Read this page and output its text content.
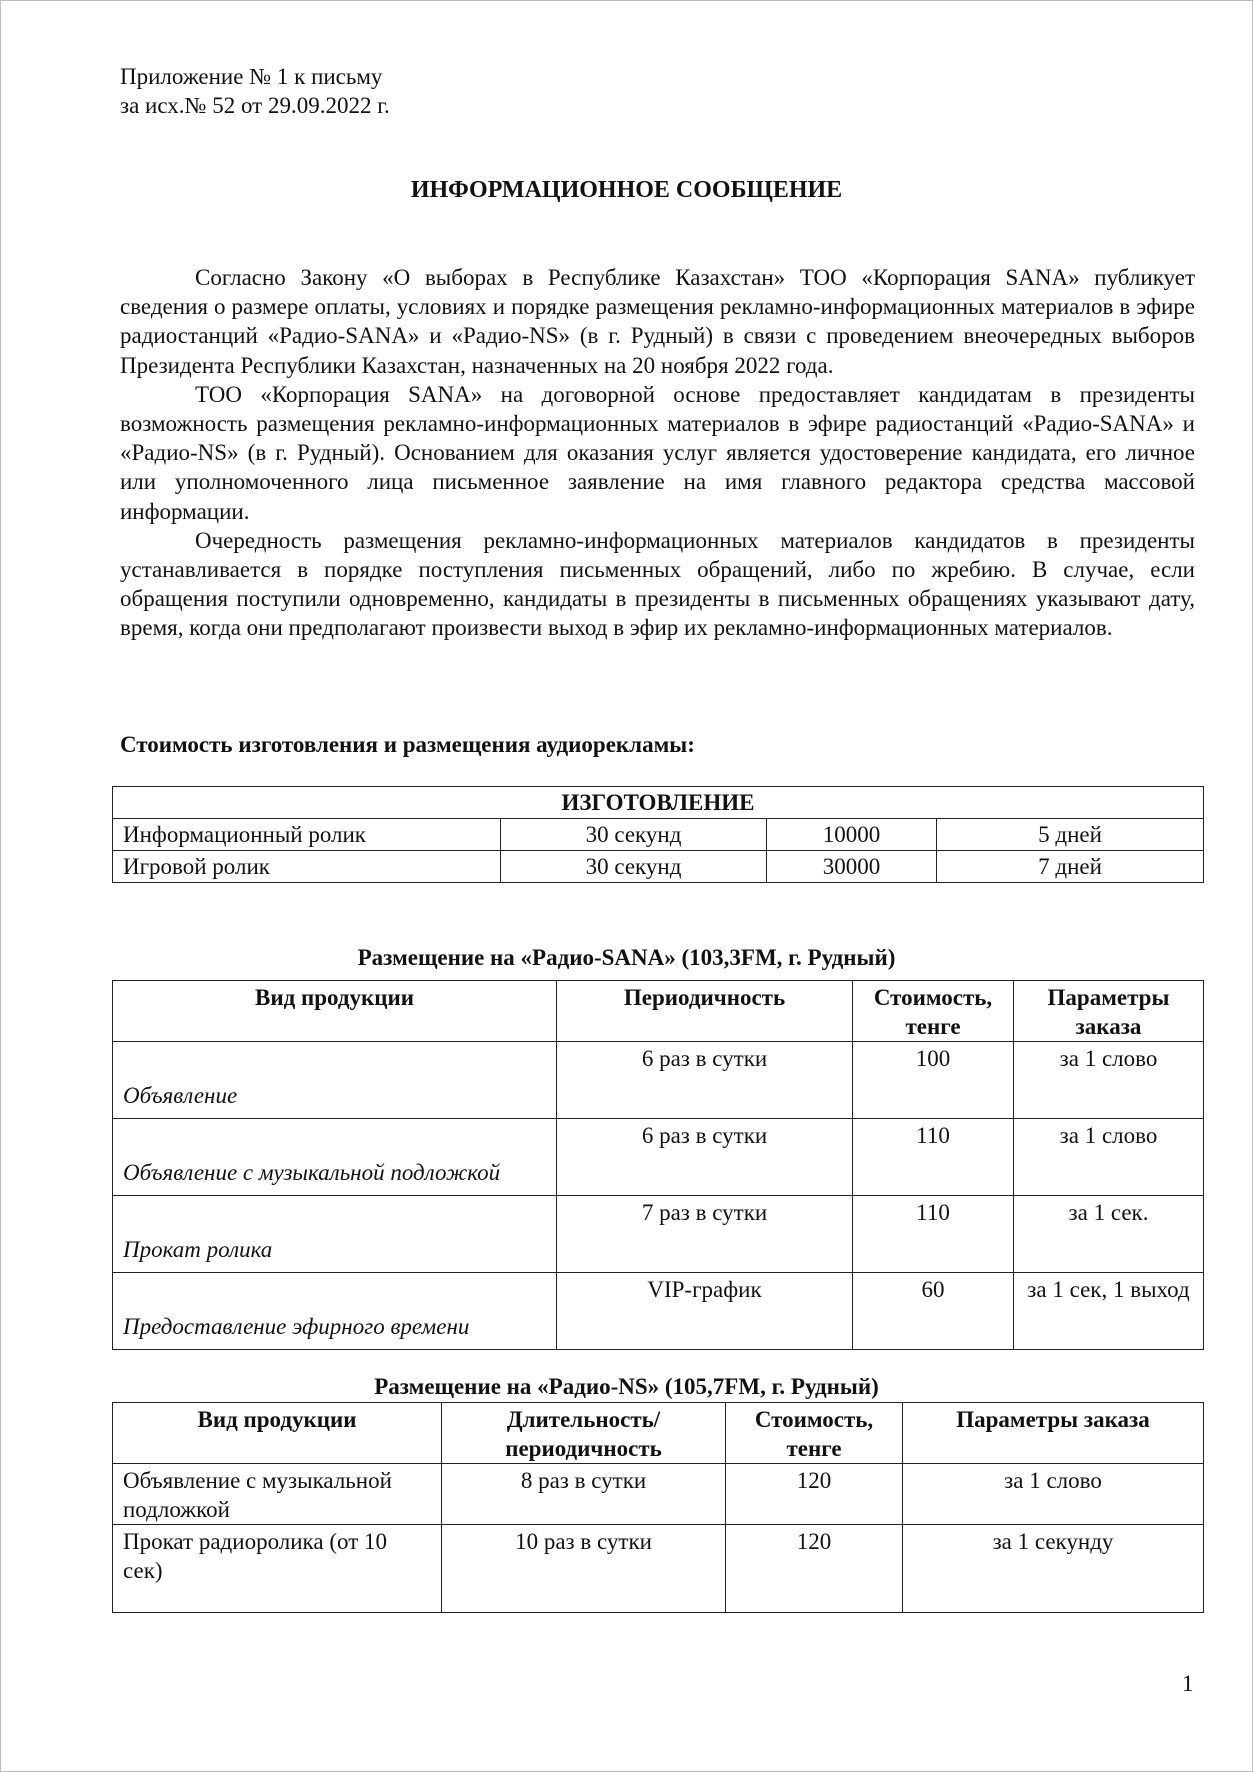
Приложение № 1 к письму
за исх.№ 52 от 29.09.2022 г.
ИНФОРМАЦИОННОЕ СООБЩЕНИЕ

Согласно Закону «О выборах в Республике Казахстан» ТОО «Корпорация SANA» публикует сведения о размере оплаты, условиях и порядке размещения рекламно-информационных материалов в эфире радиостанций «Радио-SANA» и «Радио-NS» (в г. Рудный) в связи с проведением внеочередных выборов Президента Республики Казахстан, назначенных на 20 ноября 2022 года.

ТОО «Корпорация SANA» на договорной основе предоставляет кандидатам в президенты возможность размещения рекламно-информационных материалов в эфире радиостанций «Радио-SANA» и «Радио-NS» (в г. Рудный). Основанием для оказания услуг является удостоверение кандидата, его личное или уполномоченного лица письменное заявление на имя главного редактора средства массовой информации.

Очередность размещения рекламно-информационных материалов кандидатов в президенты устанавливается в порядке поступления письменных обращений, либо по жребию. В случае, если обращения поступили одновременно, кандидаты в президенты в письменных обращениях указывают дату, время, когда они предполагают произвести выход в эфир их рекламно-информационных материалов.

Стоимость изготовления и размещения аудиорекламы:
ИЗГОТОВЛЕНИЕ			
Информационный ролик	30 секунд	10000	5 дней
Игровой ролик	30 секунд	30000	7 дней
Размещение на «Радио-SANA» (103,3FM, г. Рудный)
Вид продукции	Периодичность	Стоимость, тенге	Параметры заказа
Объявление	6 раз в сутки	100	за 1 слово
Объявление с музыкальной подложкой	6 раз в сутки	110	за 1 слово
Прокат ролика	7 раз в сутки	110	за 1 сек.
Предоставление эфирного времени	VIP-график	60	за 1 сек, 1 выход
Размещение на «Радио-NS» (105,7FM, г. Рудный)
Вид продукции	Длительность/ периодичность	Стоимость, тенге	Параметры заказа
Объявление с музыкальной подложкой	8 раз в сутки	120	за 1 слово
Прокат радиоролика (от 10 сек)	10 раз в сутки	120	за 1 секунду
1
